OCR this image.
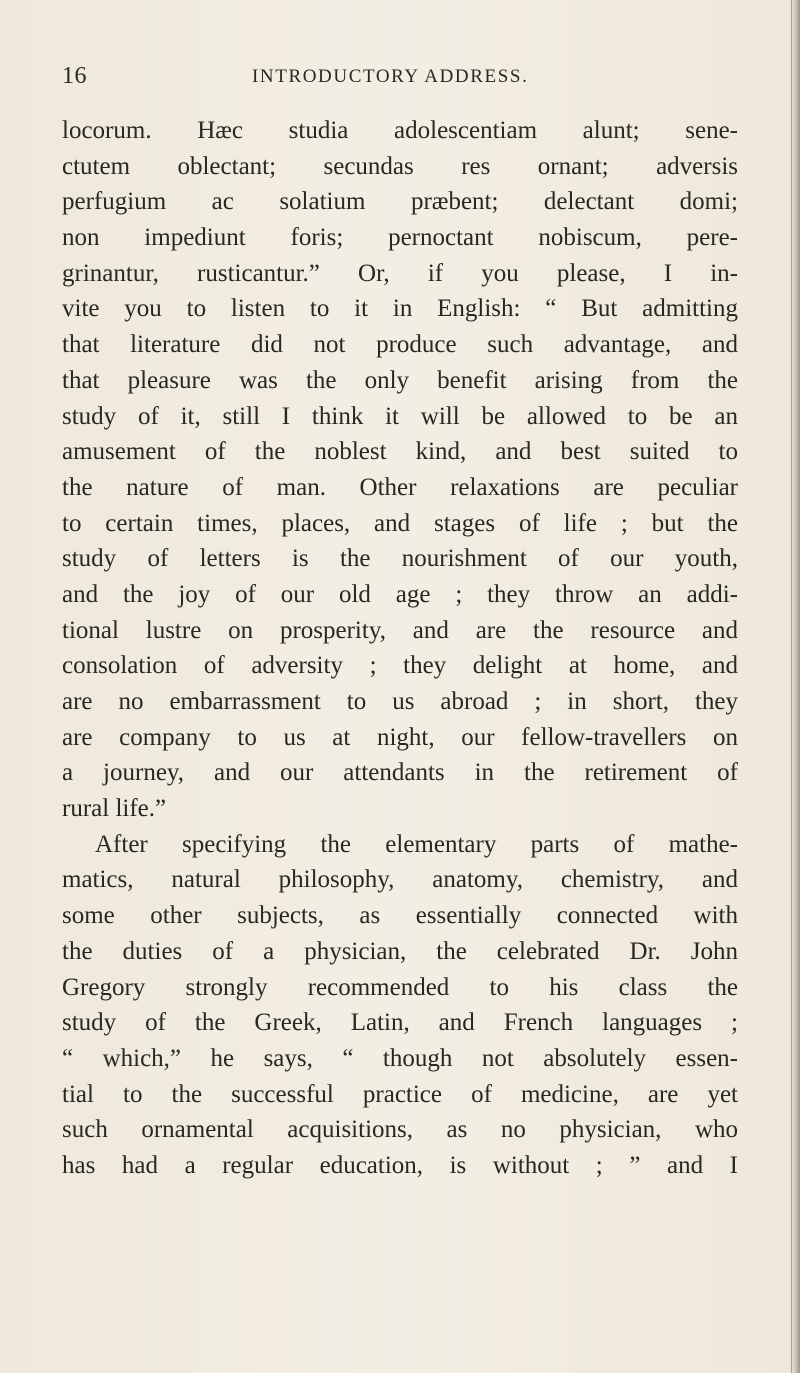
16	INTRODUCTORY ADDRESS.
locorum. Hæc studia adolescentiam alunt; sene-
ctutem oblectant; secundas res ornant; adversis
perfugium ac solatium præbent; delectant domi;
non impediunt foris; pernoctant nobiscum, pere-
grinantur, rusticantur.” Or, if you please, I in-
vite you to listen to it in English: “ But admitting
that literature did not produce such advantage, and
that pleasure was the only benefit arising from the
study of it, still I think it will be allowed to be an
amusement of the noblest kind, and best suited to
the nature of man. Other relaxations are peculiar
to certain times, places, and stages of life ; but the
study of letters is the nourishment of our youth,
and the joy of our old age ; they throw an addi-
tional lustre on prosperity, and are the resource and
consolation of adversity ; they delight at home, and
are no embarrassment to us abroad ; in short, they
are company to us at night, our fellow-travellers on
a journey, and our attendants in the retirement of
rural life.”
After specifying the elementary parts of mathe-
matics, natural philosophy, anatomy, chemistry, and
some other subjects, as essentially connected with
the duties of a physician, the celebrated Dr. John
Gregory strongly recommended to his class the
study of the Greek, Latin, and French languages ;
“ which,” he says, “ though not absolutely essen-
tial to the successful practice of medicine, are yet
such ornamental acquisitions, as no physician, who
has had a regular education, is without ; ” and I
